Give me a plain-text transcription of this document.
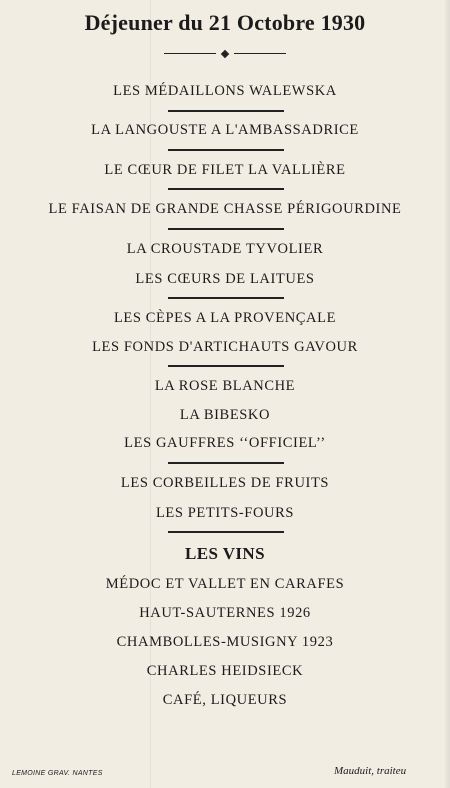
Déjeuner du 21 Octobre 1930
LES MÉDAILLONS WALEWSKA
LA LANGOUSTE A L'AMBASSADRICE
LE CŒUR DE FILET LA VALLIÈRE
LE FAISAN DE GRANDE CHASSE PÉRIGOURDINE
LA CROUSTADE TYVOLIER
LES CŒURS DE LAITUES
LES CÈPES A LA PROVENÇALE
LES FONDS D'ARTICHAUTS GAVOUR
LA ROSE BLANCHE
LA BIBESKO
LES GAUFFRES ‘‘OFFICIEL’’
LES CORBEILLES DE FRUITS
LES PETITS-FOURS
LES VINS
MÉDOC ET VALLET EN CARAFES
HAUT-SAUTERNES 1926
CHAMBOLLES-MUSIGNY 1923
CHARLES HEIDSIECK
CAFÉ, LIQUEURS
LEMOINE GRAV. NANTES	Mauduit, traiteu
